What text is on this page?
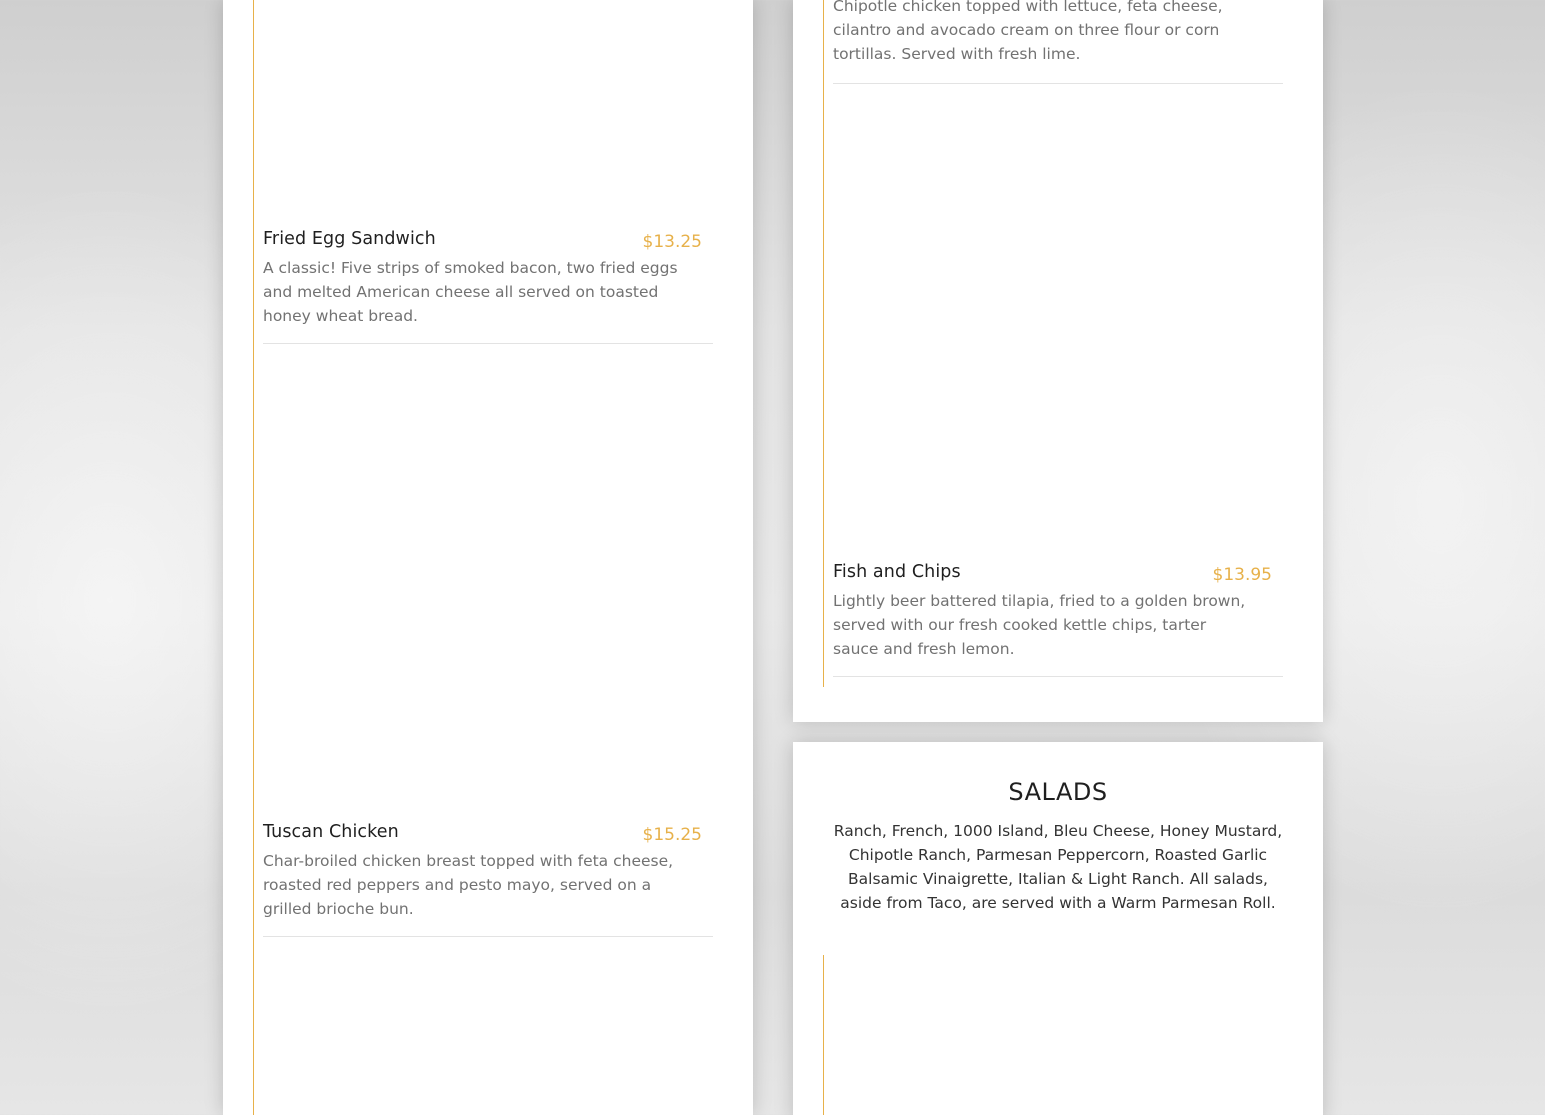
Fried Egg Sandwich	$13.25
A classic! Five strips of smoked bacon, two fried eggs and melted American cheese all served on toasted honey wheat bread.
Tuscan Chicken	$15.25
Char-broiled chicken breast topped with feta cheese, roasted red peppers and pesto mayo, served on a grilled brioche bun.
Chipotle chicken topped with lettuce, feta cheese, cilantro and avocado cream on three flour or corn tortillas. Served with fresh lime.
Fish and Chips	$13.95
Lightly beer battered tilapia, fried to a golden brown, served with our fresh cooked kettle chips, tarter sauce and fresh lemon.
SALADS
Ranch, French, 1000 Island, Bleu Cheese, Honey Mustard, Chipotle Ranch, Parmesan Peppercorn, Roasted Garlic Balsamic Vinaigrette, Italian & Light Ranch. All salads, aside from Taco, are served with a Warm Parmesan Roll.
